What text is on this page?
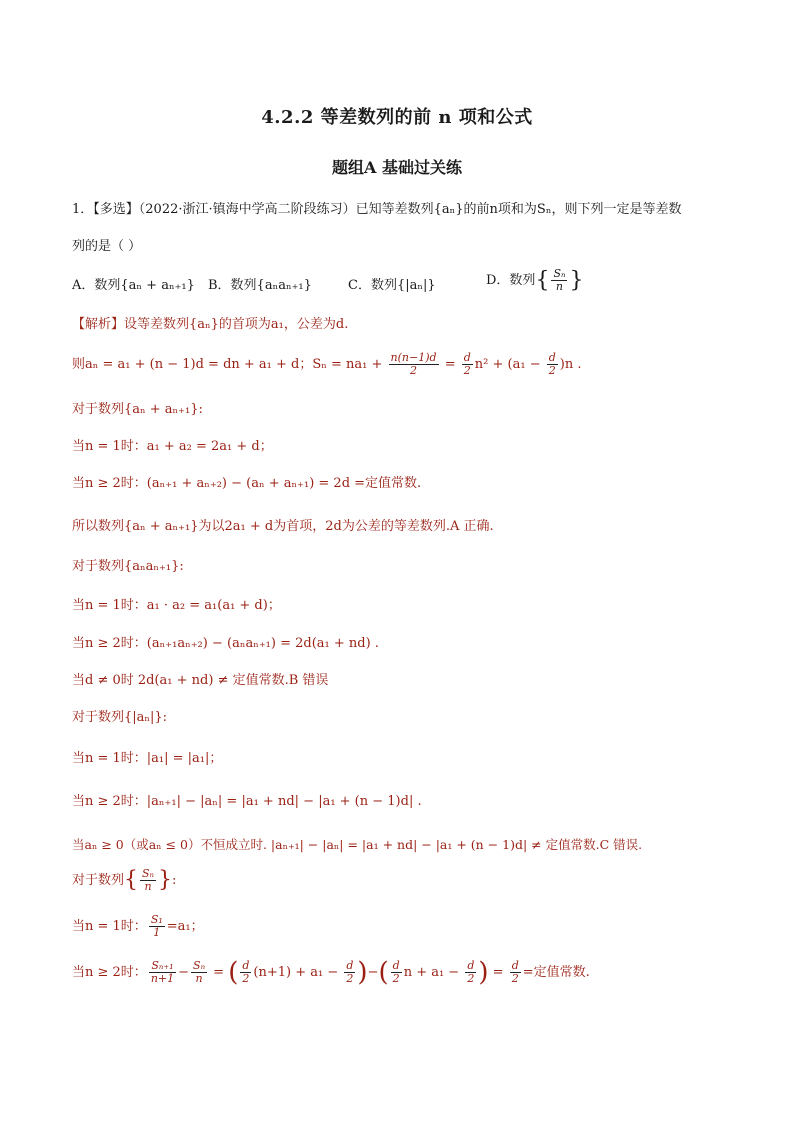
4.2.2 等差数列的前 n 项和公式
题组A 基础过关练
1．【多选】（2022·浙江·镇海中学高二阶段练习）已知等差数列{aₙ}的前n项和为Sₙ，则下列一定是等差数
列的是（ ）
A．数列{aₙ + aₙ₊₁} B．数列{aₙaₙ₊₁}	C．数列{|aₙ|}	D．数列{ $\frac{\text{Sₙ}}{n}$ }
【解析】设等差数列{aₙ}的首项为a₁，公差为d.
则aₙ = a₁ + (n − 1)d = dn + a₁ + d；$S_n = na_1 + \frac{n(n-1)d}{2} = \frac{d}{2} n^2 + (a_1 - \frac{d}{2} )n$ .
对于数列{aₙ + aₙ₊₁}:
当n = 1时：a₁ + a₂ = 2a₁ + d；
当n ≥ 2时：(aₙ₊₁ + aₙ₊₂) − (aₙ + aₙ₊₁) = 2d =定值常数.
所以数列{aₙ + aₙ₊₁}为以2a₁ + d为首项，2d为公差的等差数列.A 正确.
对于数列{aₙaₙ₊₁}:
当n = 1时：a₁ · a₂ = a₁(a₁ + d)；
当n ≥ 2时：(aₙ₊₁aₙ₊₂) − (aₙaₙ₊₁) = 2d(a₁ + nd) .
当d ≠ 0时 2d(a₁ + nd) ≠ 定值常数.B 错误
对于数列{|aₙ|}:
当n = 1时：|a₁| = |a₁|；
当n ≥ 2时：|aₙ₊₁| − |aₙ| = |a₁ + nd| − |a₁ + (n − 1)d| .
当aₙ ≥ 0（或aₙ ≤ 0）不恒成立时. |aₙ₊₁| − |aₙ| = |a₁ + nd| − |a₁ + (n − 1)d| ≠ 定值常数.C 错误.
对于数列{ $\frac{\text{Sₙ}}{n}$ }:
当n = 1时： $\frac{\text{S₁}}{1} =a_1$；
当n ≥ 2时： $\frac{\text{Sₙ₊₁}}{n+1} - \frac{\text{Sₙ}}{n}$ = ( $\frac{d}{2} (n+1) + a_1 - \frac{d}{2}$ )−( $\frac{d}{2}$ $n + a_1 - \frac{d}{2}$ ) = $\frac{d}{2}$ =定值常数.
